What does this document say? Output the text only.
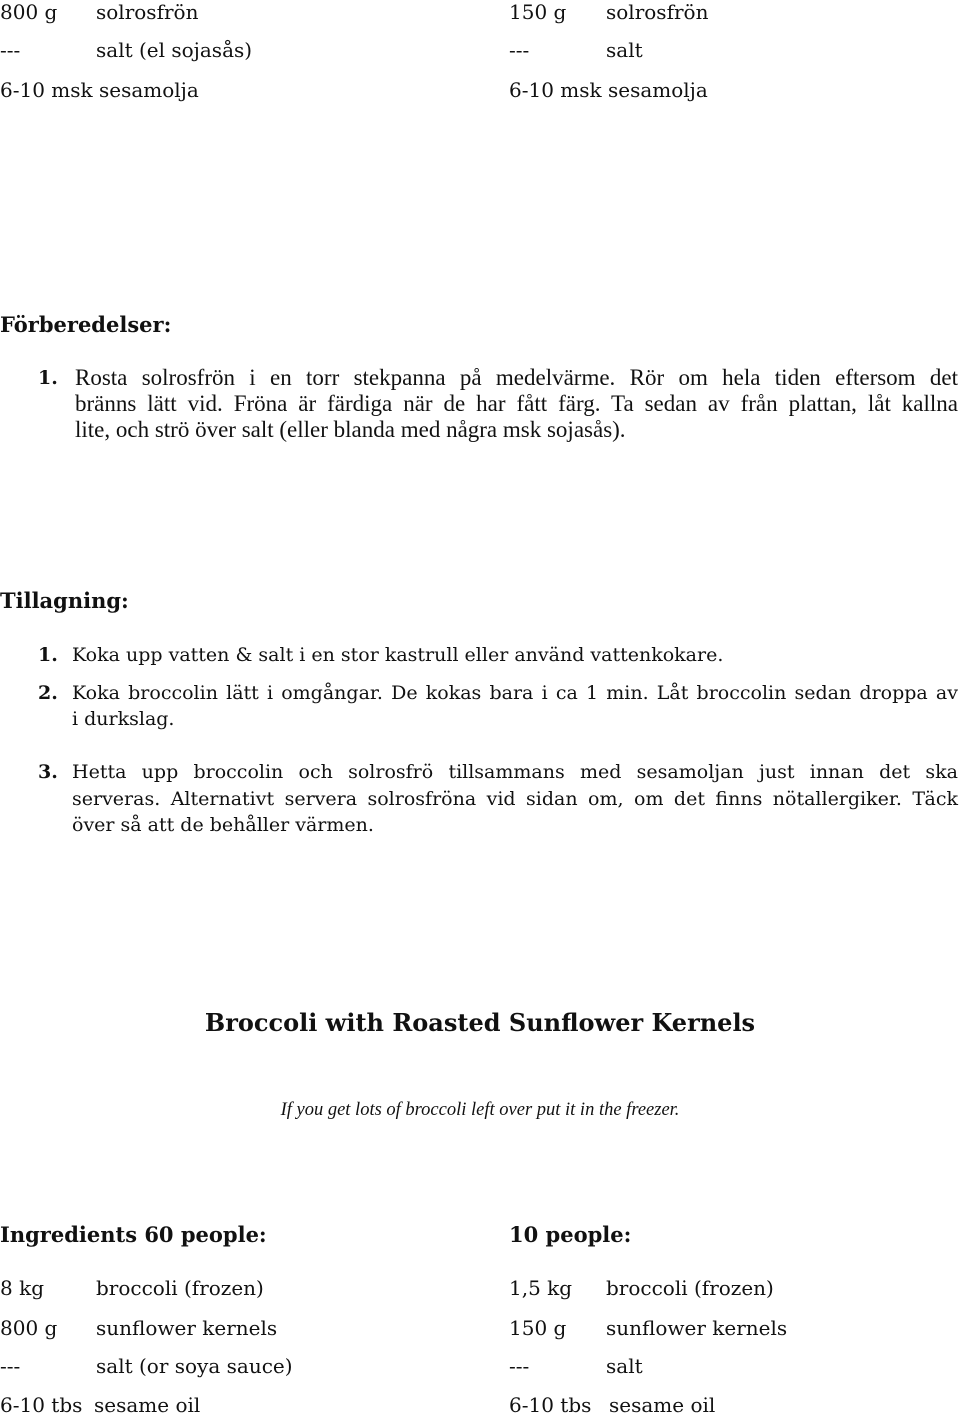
800 g solrosfrön	150 g solrosfrön
---	salt (el sojasås)	---	salt
6-10 msk sesamolja	6-10 msk sesamolja
Förberedelser:
1. Rosta solrosfrön i en torr stekpanna på medelvärme. Rör om hela tiden eftersom det
bränns lätt vid. Fröna är färdiga när de har fått färg. Ta sedan av från plattan, låt kallna
lite, och strö över salt (eller blanda med några msk sojasås).
Tillagning:
1. Koka upp vatten & salt i en stor kastrull eller använd vattenkokare.
2. Koka broccolin lätt i omgångar. De kokas bara i ca 1 min. Låt broccolin sedan droppa av
i durkslag.
3. Hetta upp broccolin och solrosfrö tillsammans med sesamoljan just innan det ska
serveras. Alternativt servera solrosfröna vid sidan om, om det finns nötallergiker. Täck
över så att de behåller värmen.
Broccoli with Roasted Sunflower Kernels
If you get lots of broccoli left over put it in the freezer.
Ingredients 60 people:	10 people:
8 kg	broccoli (frozen)	1,5 kg broccoli (frozen)
800 g sunflower kernels	150 g sunflower kernels
---	salt (or soya sauce)	---	salt
6-10 tbs sesame oil	6-10 tbs sesame oil
